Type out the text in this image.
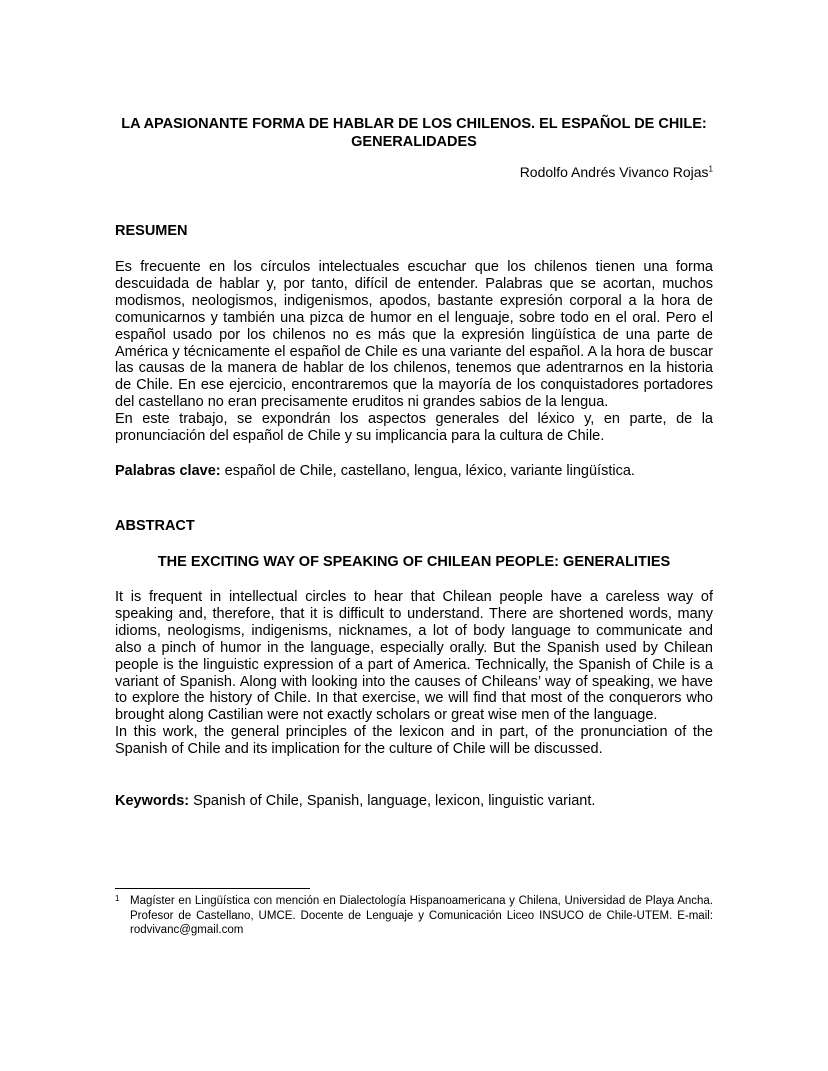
LA APASIONANTE FORMA DE HABLAR DE LOS CHILENOS. EL ESPAÑOL DE CHILE: GENERALIDADES
Rodolfo Andrés Vivanco Rojas$^1$
RESUMEN

Es frecuente en los círculos intelectuales escuchar que los chilenos tienen una forma descuidada de hablar y, por tanto, difícil de entender. Palabras que se acortan, muchos modismos, neologismos, indigenismos, apodos, bastante expresión corporal a la hora de comunicarnos y también una pizca de humor en el lenguaje, sobre todo en el oral. Pero el español usado por los chilenos no es más que la expresión lingüística de una parte de América y técnicamente el español de Chile es una variante del español. A la hora de buscar las causas de la manera de hablar de los chilenos, tenemos que adentrarnos en la historia de Chile. En ese ejercicio, encontraremos que la mayoría de los conquistadores portadores del castellano no eran precisamente eruditos ni grandes sabios de la lengua.

En este trabajo, se expondrán los aspectos generales del léxico y, en parte, de la pronunciación del español de Chile y su implicancia para la cultura de Chile.

Palabras clave: español de Chile, castellano, lengua, léxico, variante lingüística.
ABSTRACT
THE EXCITING WAY OF SPEAKING OF CHILEAN PEOPLE: GENERALITIES

It is frequent in intellectual circles to hear that Chilean people have a careless way of speaking and, therefore, that it is difficult to understand. There are shortened words, many idioms, neologisms, indigenisms, nicknames, a lot of body language to communicate and also a pinch of humor in the language, especially orally. But the Spanish used by Chilean people is the linguistic expression of a part of America. Technically, the Spanish of Chile is a variant of Spanish. Along with looking into the causes of Chileans’ way of speaking, we have to explore the history of Chile. In that exercise, we will find that most of the conquerors who brought along Castilian were not exactly scholars or great wise men of the language.

In this work, the general principles of the lexicon and in part, of the pronunciation of the Spanish of Chile and its implication for the culture of Chile will be discussed.

Keywords: Spanish of Chile, Spanish, language, lexicon, linguistic variant.
1 Magíster en Lingüística con mención en Dialectología Hispanoamericana y Chilena, Universidad de Playa Ancha. Profesor de Castellano, UMCE. Docente de Lenguaje y Comunicación Liceo INSUCO de Chile-UTEM. E-mail: rodvivanc@gmail.com
